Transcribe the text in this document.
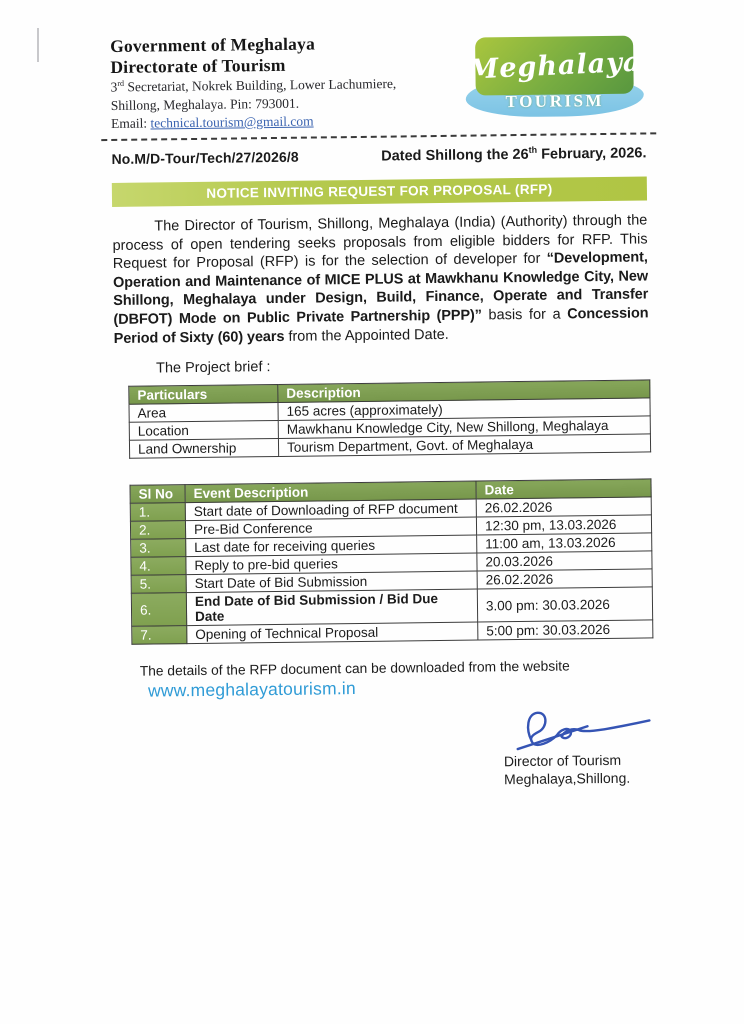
Government of Meghalaya
Directorate of Tourism
3rd Secretariat, Nokrek Building, Lower Lachumiere,
Shillong, Meghalaya. Pin: 793001.
Email: technical.tourism@gmail.com
Meghalaya
TOURISM
No.M/D-Tour/Tech/27/2026/8	Dated Shillong the 26th February, 2026.
NOTICE INVITING REQUEST FOR PROPOSAL (RFP)
The Director of Tourism, Shillong, Meghalaya (India) (Authority) through the process of open tendering seeks proposals from eligible bidders for RFP. This Request for Proposal (RFP) is for the selection of developer for “Development, Operation and Maintenance of MICE PLUS at Mawkhanu Knowledge City, New Shillong, Meghalaya under Design, Build, Finance, Operate and Transfer (DBFOT) Mode on Public Private Partnership (PPP)” basis for a Concession Period of Sixty (60) years from the Appointed Date.
The Project brief :
Particulars	Description
Area	165 acres (approximately)
Location	Mawkhanu Knowledge City, New Shillong, Meghalaya
Land Ownership	Tourism Department, Govt. of Meghalaya
Sl No	Event Description	Date
1.	Start date of Downloading of RFP document	26.02.2026
2.	Pre-Bid Conference	12:30 pm, 13.03.2026
3.	Last date for receiving queries	11:00 am, 13.03.2026
4.	Reply to pre-bid queries	20.03.2026
5.	Start Date of Bid Submission	26.02.2026
6.	End Date of Bid Submission / Bid Due Date	3.00 pm: 30.03.2026
7.	Opening of Technical Proposal	5:00 pm: 30.03.2026
The details of the RFP document can be downloaded from the website
www.meghalayatourism.in
Director of Tourism
Meghalaya,Shillong.
